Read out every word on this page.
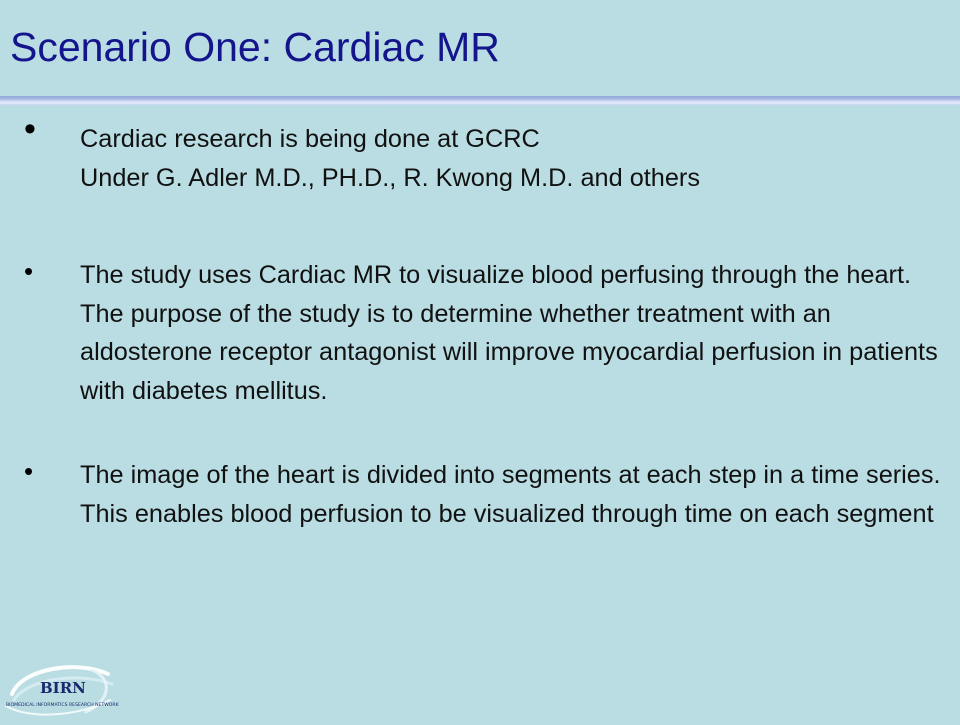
Scenario One: Cardiac MR
• Cardiac research is being done at GCRC
Under G. Adler M.D., PH.D., R. Kwong M.D. and others
• The study uses Cardiac MR to visualize blood perfusing through the heart. The purpose of the study is to determine whether treatment with an aldosterone receptor antagonist will improve myocardial perfusion in patients with diabetes mellitus.
• The image of the heart is divided into segments at each step in a time series. This enables blood perfusion to be visualized through time on each segment
BIRN
BIOMEDICAL INFORMATICS RESEARCH NETWORK
